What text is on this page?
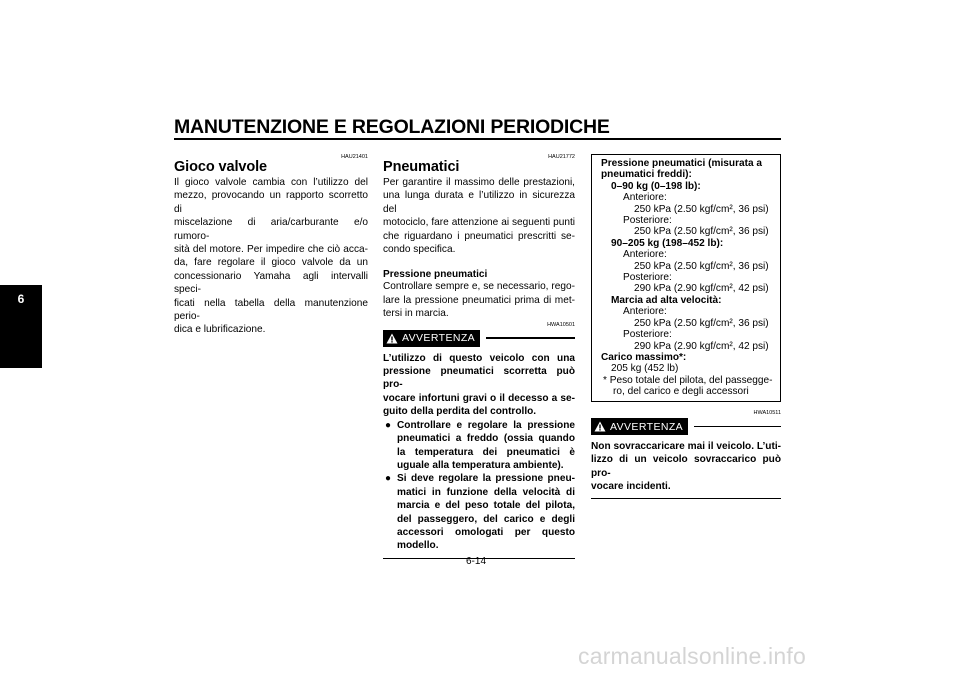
MANUTENZIONE E REGOLAZIONI PERIODICHE
6
HAU21401
Gioco valvole
Il gioco valvole cambia con l’utilizzo del
mezzo, provocando un rapporto scorretto di
miscelazione di aria/carburante e/o rumoro-
sità del motore. Per impedire che ciò acca-
da, fare regolare il gioco valvole da un
concessionario Yamaha agli intervalli speci-
ficati nella tabella della manutenzione perio-
dica e lubrificazione.
HAU21772
Pneumatici
Per garantire il massimo delle prestazioni,
una lunga durata e l’utilizzo in sicurezza del
motociclo, fare attenzione ai seguenti punti
che riguardano i pneumatici prescritti se-
condo specifica.
Pressione pneumatici
Controllare sempre e, se necessario, rego-
lare la pressione pneumatici prima di met-
tersi in marcia.
HWA10501
AVVERTENZA
L’utilizzo di questo veicolo con una
pressione pneumatici scorretta può pro-
vocare infortuni gravi o il decesso a se-
guito della perdita del controllo.
● Controllare e regolare la pressione
pneumatici a freddo (ossia quando
la temperatura dei pneumatici è
uguale alla temperatura ambiente).
● Si deve regolare la pressione pneu-
matici in funzione della velocità di
marcia e del peso totale del pilota,
del passeggero, del carico e degli
accessori omologati per questo
modello.
Pressione pneumatici (misurata a
pneumatici freddi):
0–90 kg (0–198 lb):
Anteriore:
250 kPa (2.50 kgf/cm², 36 psi)
Posteriore:
250 kPa (2.50 kgf/cm², 36 psi)
90–205 kg (198–452 lb):
Anteriore:
250 kPa (2.50 kgf/cm², 36 psi)
Posteriore:
290 kPa (2.90 kgf/cm², 42 psi)
Marcia ad alta velocità:
Anteriore:
250 kPa (2.50 kgf/cm², 36 psi)
Posteriore:
290 kPa (2.90 kgf/cm², 42 psi)
Carico massimo*:
205 kg (452 lb)
* Peso totale del pilota, del passegge-
ro, del carico e degli accessori
HWA10511
AVVERTENZA
Non sovraccaricare mai il veicolo. L’uti-
lizzo di un veicolo sovraccarico può pro-
vocare incidenti.
6-14
carmanualsonline.info
